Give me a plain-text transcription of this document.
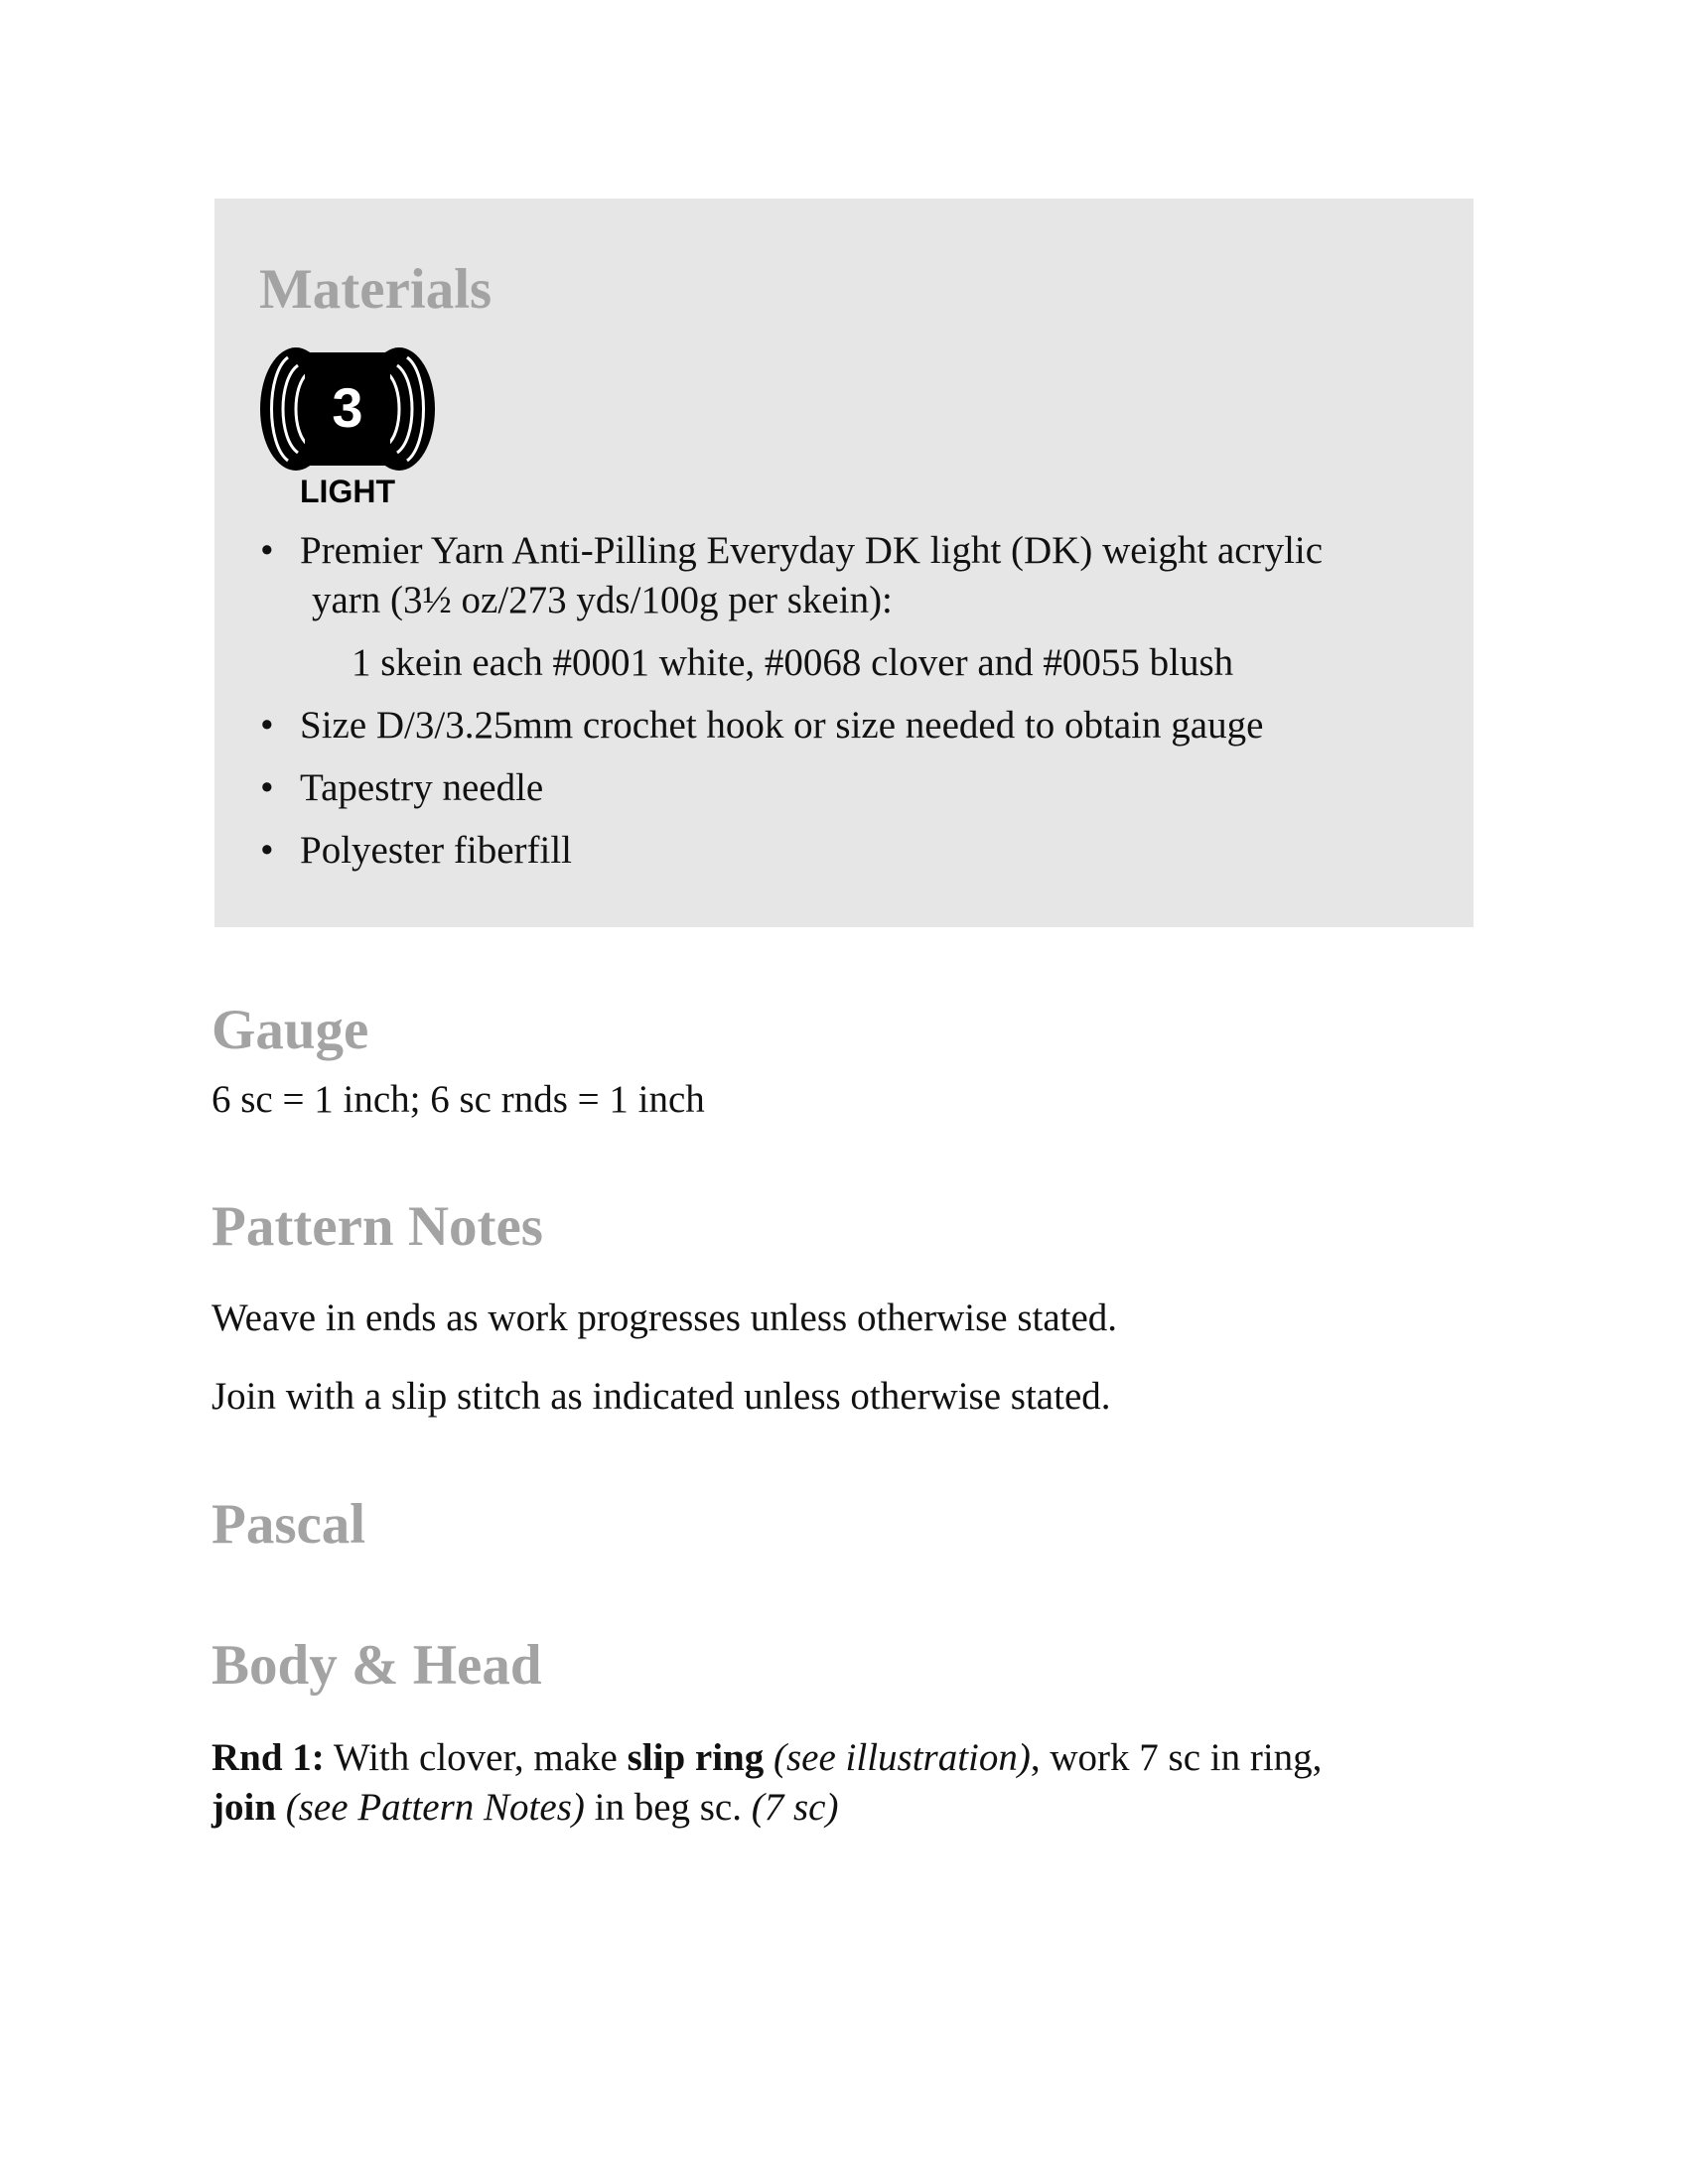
Materials
3
LIGHT
• Premier Yarn Anti-Pilling Everyday DK light (DK) weight acrylic
yarn (3½ oz/273 yds/100g per skein):
1 skein each #0001 white, #0068 clover and #0055 blush
• Size D/3/3.25mm crochet hook or size needed to obtain gauge
• Tapestry needle
• Polyester fiberfill
Gauge

6 sc = 1 inch; 6 sc rnds = 1 inch

Pattern Notes

Weave in ends as work progresses unless otherwise stated.

Join with a slip stitch as indicated unless otherwise stated.

Pascal
Body & Head

Rnd 1: With clover, make slip ring (see illustration), work 7 sc in ring,
join (see Pattern Notes) in beg sc. (7 sc)
